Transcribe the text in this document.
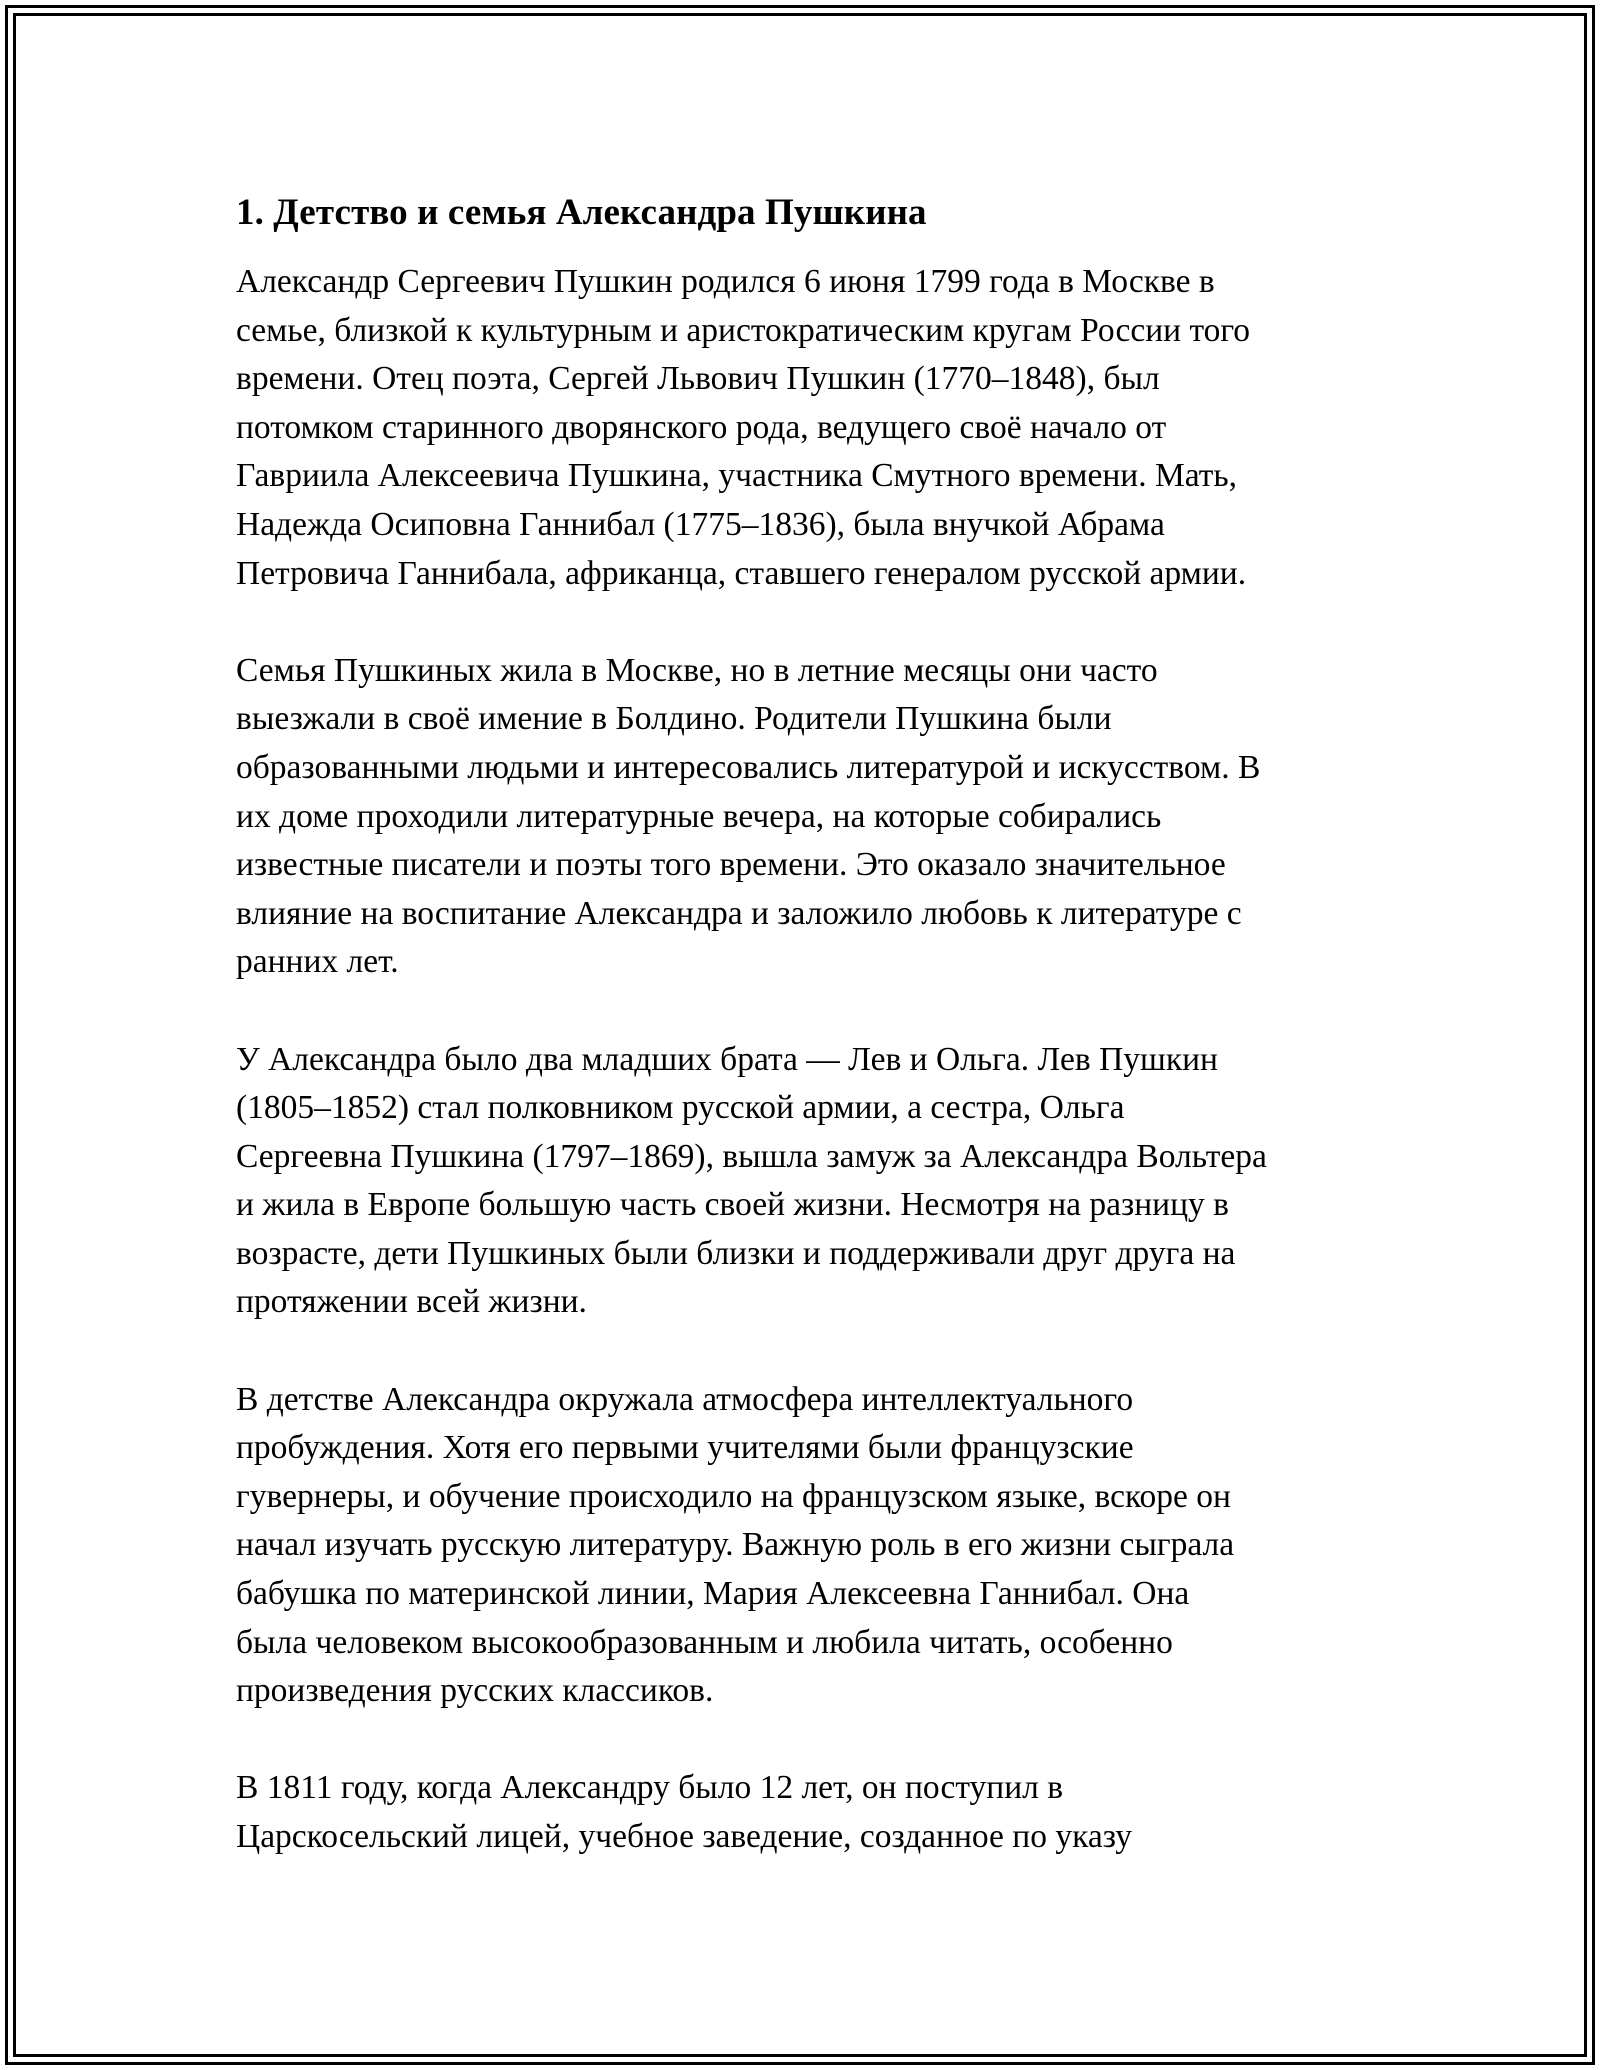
1. Детство и семья Александра Пушкина

Александр Сергеевич Пушкин родился 6 июня 1799 года в Москве в
семье, близкой к культурным и аристократическим кругам России того
времени. Отец поэта, Сергей Львович Пушкин (1770–1848), был
потомком старинного дворянского рода, ведущего своё начало от
Гавриила Алексеевича Пушкина, участника Смутного времени. Мать,
Надежда Осиповна Ганнибал (1775–1836), была внучкой Абрама
Петровича Ганнибала, африканца, ставшего генералом русской армии.

Семья Пушкиных жила в Москве, но в летние месяцы они часто
выезжали в своё имение в Болдино. Родители Пушкина были
образованными людьми и интересовались литературой и искусством. В
их доме проходили литературные вечера, на которые собирались
известные писатели и поэты того времени. Это оказало значительное
влияние на воспитание Александра и заложило любовь к литературе с
ранних лет.

У Александра было два младших брата — Лев и Ольга. Лев Пушкин
(1805–1852) стал полковником русской армии, а сестра, Ольга
Сергеевна Пушкина (1797–1869), вышла замуж за Александра Вольтера
и жила в Европе большую часть своей жизни. Несмотря на разницу в
возрасте, дети Пушкиных были близки и поддерживали друг друга на
протяжении всей жизни.

В детстве Александра окружала атмосфера интеллектуального
пробуждения. Хотя его первыми учителями были французские
гувернеры, и обучение происходило на французском языке, вскоре он
начал изучать русскую литературу. Важную роль в его жизни сыграла
бабушка по материнской линии, Мария Алексеевна Ганнибал. Она
была человеком высокообразованным и любила читать, особенно
произведения русских классиков.

В 1811 году, когда Александру было 12 лет, он поступил в
Царскосельский лицей, учебное заведение, созданное по указу
